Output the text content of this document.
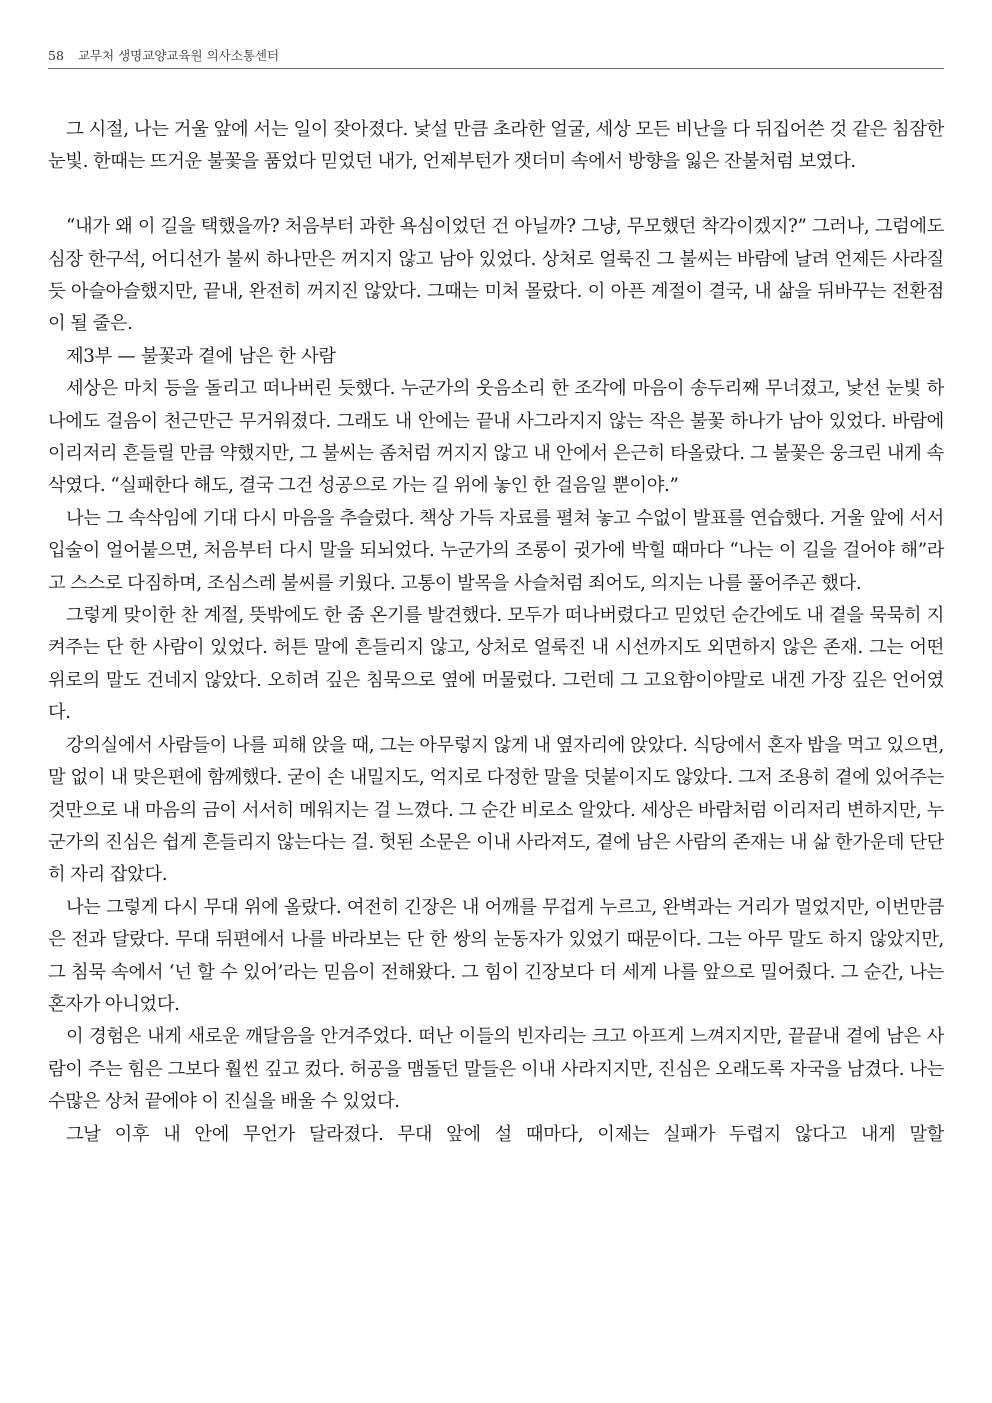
58 교무처 생명교양교육원 의사소통센터

그 시절, 나는 거울 앞에 서는 일이 잦아졌다. 낯설 만큼 초라한 얼굴, 세상 모든 비난을 다 뒤집어쓴 것 같은 침잠한 눈빛. 한때는 뜨거운 불꽃을 품었다 믿었던 내가, 언제부턴가 잿더미 속에서 방향을 잃은 잔불처럼 보였다.

“내가 왜 이 길을 택했을까? 처음부터 과한 욕심이었던 건 아닐까? 그냥, 무모했던 착각이겠지?” 그러나, 그럼에도 심장 한구석, 어디선가 불씨 하나만은 꺼지지 않고 남아 있었다. 상처로 얼룩진 그 불씨는 바람에 날려 언제든 사라질 듯 아슬아슬했지만, 끝내, 완전히 꺼지진 않았다. 그때는 미처 몰랐다. 이 아픈 계절이 결국, 내 삶을 뒤바꾸는 전환점이 될 줄은.

제3부 — 불꽃과 곁에 남은 한 사람

세상은 마치 등을 돌리고 떠나버린 듯했다. 누군가의 웃음소리 한 조각에 마음이 송두리째 무너졌고, 낯선 눈빛 하나에도 걸음이 천근만근 무거워졌다. 그래도 내 안에는 끝내 사그라지지 않는 작은 불꽃 하나가 남아 있었다. 바람에 이리저리 흔들릴 만큼 약했지만, 그 불씨는 좀처럼 꺼지지 않고 내 안에서 은근히 타올랐다. 그 불꽃은 웅크린 내게 속삭였다. “실패한다 해도, 결국 그건 성공으로 가는 길 위에 놓인 한 걸음일 뿐이야.”

나는 그 속삭임에 기대 다시 마음을 추슬렀다. 책상 가득 자료를 펼쳐 놓고 수없이 발표를 연습했다. 거울 앞에 서서 입술이 얼어붙으면, 처음부터 다시 말을 되뇌었다. 누군가의 조롱이 귓가에 박힐 때마다 “나는 이 길을 걸어야 해”라고 스스로 다짐하며, 조심스레 불씨를 키웠다. 고통이 발목을 사슬처럼 죄어도, 의지는 나를 풀어주곤 했다.

그렇게 맞이한 찬 계절, 뜻밖에도 한 줌 온기를 발견했다. 모두가 떠나버렸다고 믿었던 순간에도 내 곁을 묵묵히 지켜주는 단 한 사람이 있었다. 허튼 말에 흔들리지 않고, 상처로 얼룩진 내 시선까지도 외면하지 않은 존재. 그는 어떤 위로의 말도 건네지 않았다. 오히려 깊은 침묵으로 옆에 머물렀다. 그런데 그 고요함이야말로 내겐 가장 깊은 언어였다.

강의실에서 사람들이 나를 피해 앉을 때, 그는 아무렇지 않게 내 옆자리에 앉았다. 식당에서 혼자 밥을 먹고 있으면, 말 없이 내 맞은편에 함께했다. 굳이 손 내밀지도, 억지로 다정한 말을 덧붙이지도 않았다. 그저 조용히 곁에 있어주는 것만으로 내 마음의 금이 서서히 메워지는 걸 느꼈다. 그 순간 비로소 알았다. 세상은 바람처럼 이리저리 변하지만, 누군가의 진심은 쉽게 흔들리지 않는다는 걸. 헛된 소문은 이내 사라져도, 곁에 남은 사람의 존재는 내 삶 한가운데 단단히 자리 잡았다.

나는 그렇게 다시 무대 위에 올랐다. 여전히 긴장은 내 어깨를 무겁게 누르고, 완벽과는 거리가 멀었지만, 이번만큼은 전과 달랐다. 무대 뒤편에서 나를 바라보는 단 한 쌍의 눈동자가 있었기 때문이다. 그는 아무 말도 하지 않았지만, 그 침묵 속에서 ‘넌 할 수 있어’라는 믿음이 전해왔다. 그 힘이 긴장보다 더 세게 나를 앞으로 밀어줬다. 그 순간, 나는 혼자가 아니었다.

이 경험은 내게 새로운 깨달음을 안겨주었다. 떠난 이들의 빈자리는 크고 아프게 느껴지지만, 끝끝내 곁에 남은 사람이 주는 힘은 그보다 훨씬 깊고 컸다. 허공을 맴돌던 말들은 이내 사라지지만, 진심은 오래도록 자국을 남겼다. 나는 수많은 상처 끝에야 이 진실을 배울 수 있었다.

그날 이후 내 안에 무언가 달라졌다. 무대 앞에 설 때마다, 이제는 실패가 두렵지 않다고 내게 말할
